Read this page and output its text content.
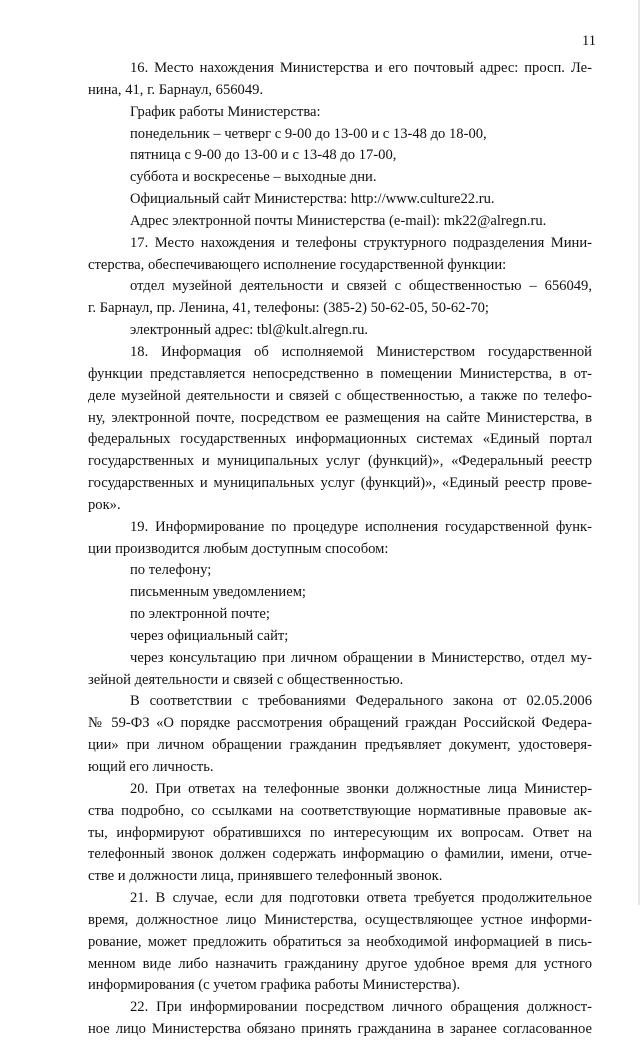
11
16. Место нахождения Министерства и его почтовый адрес: просп. Ле-
нина, 41, г. Барнаул, 656049.
График работы Министерства:
понедельник – четверг с 9-00 до 13-00 и с 13-48 до 18-00,
пятница с 9-00 до 13-00 и с 13-48 до 17-00,
суббота и воскресенье – выходные дни.
Официальный сайт Министерства: http://www.culture22.ru.
Адрес электронной почты Министерства (e-mail): mk22@alregn.ru.
17. Место нахождения и телефоны структурного подразделения Мини-
стерства, обеспечивающего исполнение государственной функции:
отдел музейной деятельности и связей с общественностью – 656049,
г. Барнаул, пр. Ленина, 41, телефоны: (385-2) 50-62-05, 50-62-70;
электронный адрес: tbl@kult.alregn.ru.
18. Информация об исполняемой Министерством государственной
функции представляется непосредственно в помещении Министерства, в от-
деле музейной деятельности и связей с общественностью, а также по телефо-
ну, электронной почте, посредством ее размещения на сайте Министерства, в
федеральных государственных информационных системах «Единый портал
государственных и муниципальных услуг (функций)», «Федеральный реестр
государственных и муниципальных услуг (функций)», «Единый реестр прове-
рок».
19. Информирование по процедуре исполнения государственной функ-
ции производится любым доступным способом:
по телефону;
письменным уведомлением;
по электронной почте;
через официальный сайт;
через консультацию при личном обращении в Министерство, отдел му-
зейной деятельности и связей с общественностью.
В соответствии с требованиями Федерального закона от 02.05.2006
№ 59-ФЗ «О порядке рассмотрения обращений граждан Российской Федера-
ции» при личном обращении гражданин предъявляет документ, удостоверя-
ющий его личность.
20. При ответах на телефонные звонки должностные лица Министер-
ства подробно, со ссылками на соответствующие нормативные правовые ак-
ты, информируют обратившихся по интересующим их вопросам. Ответ на
телефонный звонок должен содержать информацию о фамилии, имени, отче-
стве и должности лица, принявшего телефонный звонок.
21. В случае, если для подготовки ответа требуется продолжительное
время, должностное лицо Министерства, осуществляющее устное информи-
рование, может предложить обратиться за необходимой информацией в пись-
менном виде либо назначить гражданину другое удобное время для устного
информирования (с учетом графика работы Министерства).
22. При информировании посредством личного обращения должност-
ное лицо Министерства обязано принять гражданина в заранее согласованное
